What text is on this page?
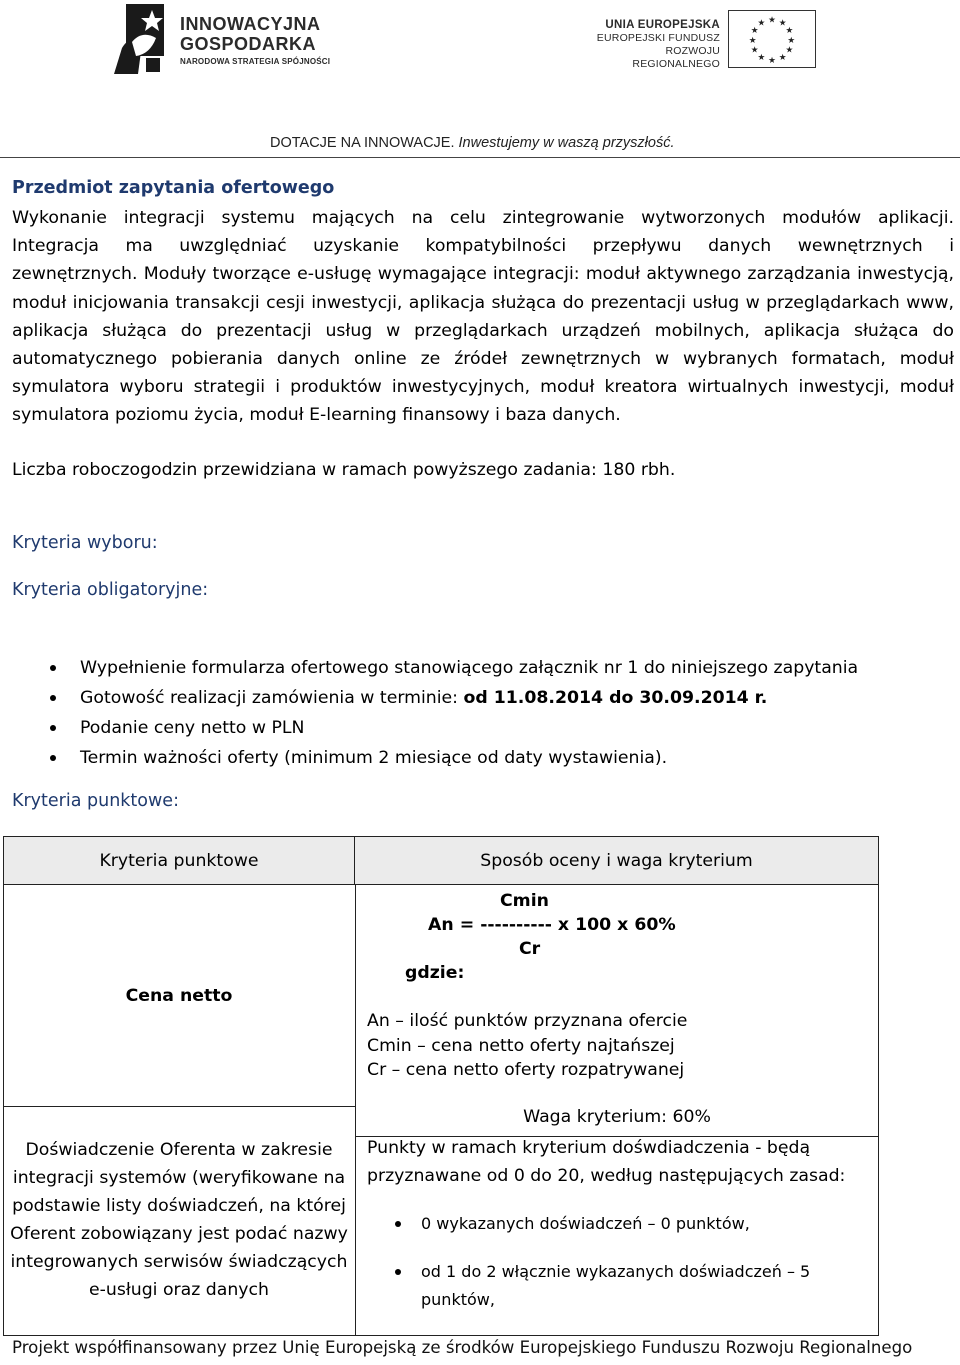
INNOWACYJNA
GOSPODARKA
NARODOWA STRATEGIA SPÓJNOŚCI
UNIA EUROPEJSKA
EUROPEJSKI FUNDUSZ
ROZWOJU REGIONALNEGO
★ ★
★
★
★
★
★
★
★
★
★
★
DOTACJE NA INNOWACJE. Inwestujemy w waszą przyszłość.
Przedmiot zapytania ofertowego

Wykonanie integracji systemu mających na celu zintegrowanie wytworzonych modułów aplikacji.

Integracja ma uwzględniać uzyskanie kompatybilności przepływu danych wewnętrznych i

zewnętrznych. Moduły tworzące e-usługę wymagające integracji: moduł aktywnego zarządzania inwestycją, moduł inicjowania transakcji cesji inwestycji, aplikacja służąca do prezentacji usług w przeglądarkach www, aplikacja służąca do prezentacji usług w przeglądarkach urządzeń mobilnych, aplikacja służąca do automatycznego pobierania danych online ze źródeł zewnętrznych w wybranych formatach, moduł symulatora wyboru strategii i produktów inwestycyjnych, moduł kreatora wirtualnych inwestycji, moduł symulatora poziomu życia, moduł E-learning finansowy i baza danych.

Liczba roboczogodzin przewidziana w ramach powyższego zadania: 180 rbh.
Kryteria wyboru:
Kryteria obligatoryjne:
Wypełnienie formularza ofertowego stanowiącego załącznik nr 1 do niniejszego zapytania
Gotowość realizacji zamówienia w terminie: od 11.08.2014 do 30.09.2014 r.
Podanie ceny netto w PLN
Termin ważności oferty (minimum 2 miesiące od daty wystawienia).
Kryteria punktowe:
Kryteria punktowe	Sposób oceny i waga kryterium
Cena netto
Cmin
An = ---------- x 100 x 60%
Cr
gdzie:
An – ilość punktów przyznana ofercie
Cmin – cena netto oferty najtańszej
Cr – cena netto oferty rozpatrywanej
Waga kryterium: 60%
Doświadczenie Oferenta w zakresie integracji systemów (weryfikowane na podstawie listy doświadczeń, na której Oferent zobowiązany jest podać nazwy integrowanych serwisów świadczących e-usługi oraz danych
Punkty w ramach kryterium dośwdiadczenia - będą przyznawane od 0 do 20, według następujących zasad:
0 wykazanych doświadczeń – 0 punktów,
od 1 do 2 włącznie wykazanych doświadczeń – 5 punktów,
Projekt współfinansowany przez Unię Europejską ze środków Europejskiego Funduszu Rozwoju Regionalnego
